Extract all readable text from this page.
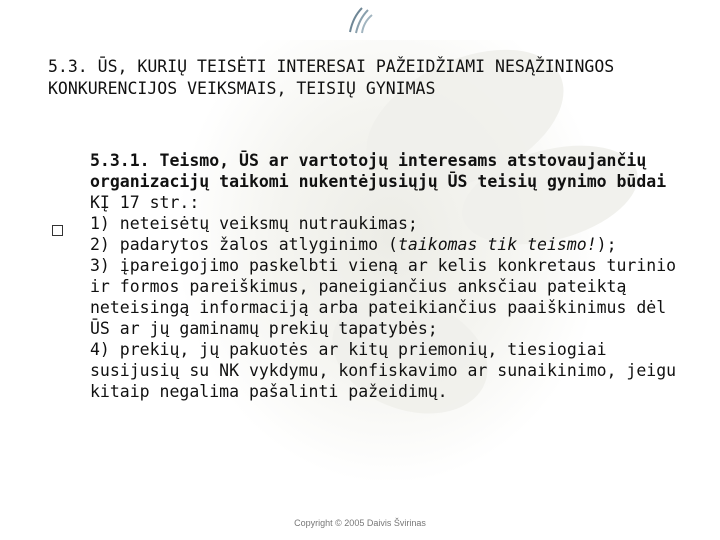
5.3. ŪS, KURIŲ TEISĖTI INTERESAI PAŽEIDŽIAMI NESĄŽININGOS KONKURENCIJOS VEIKSMAIS, TEISIŲ GYNIMAS
5.3.1. Teismo, ŪS ar vartotojų interesams atstovaujančių organizacijų taikomi nukentėjusiųjų ŪS teisių gynimo būdai
KĮ 17 str.:
1) neteisėtų veiksmų nutraukimas;
2) padarytos žalos atlyginimo (taikomas tik teismo!);
3) įpareigojimo paskelbti vieną ar kelis konkretaus turinio ir formos pareiškimus, paneigiančius anksčiau pateiktą neteisingą informaciją arba pateikiančius paaiškinimus dėl ŪS ar jų gaminamų prekių tapatybės;
4) prekių, jų pakuotės ar kitų priemonių, tiesiogiai susijusių su NK vykdymu, konfiskavimo ar sunaikinimo, jeigu kitaip negalima pašalinti pažeidimų.
Copyright © 2005 Daivis Švirinas
